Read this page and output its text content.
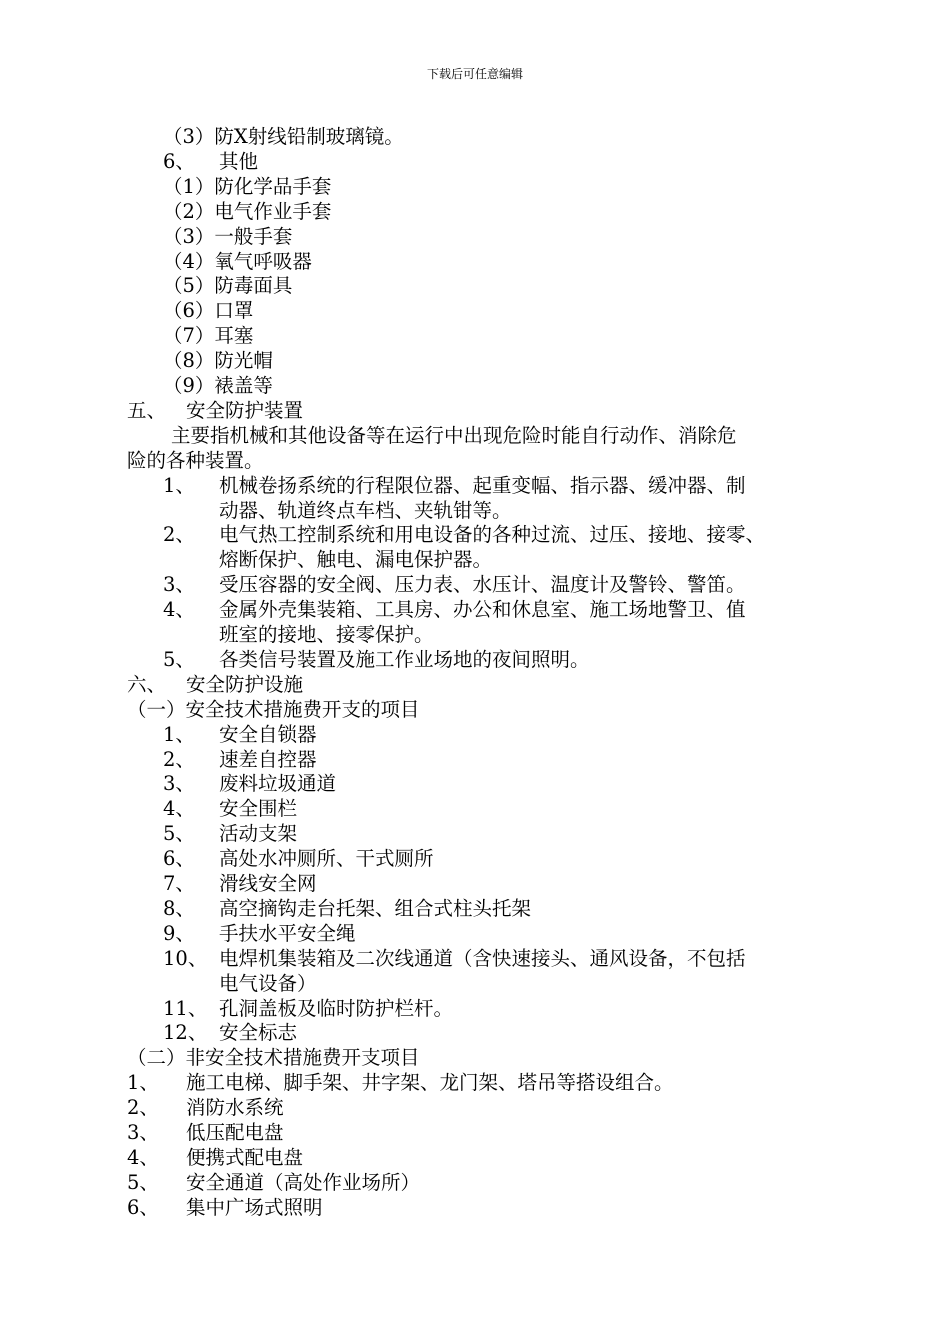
下载后可任意编辑
（3）防X射线铅制玻璃镜。
6、 其他
（1）防化学品手套
（2）电气作业手套
（3）一般手套
（4）氧气呼吸器
（5）防毒面具
（6）口罩
（7）耳塞
（8）防光帽
（9）裱盖等
五、 安全防护装置
主要指机械和其他设备等在运行中出现危险时能自行动作、消除危
险的各种装置。
1、 机械卷扬系统的行程限位器、起重变幅、指示器、缓冲器、制
动器、轨道终点车档、夹轨钳等。
2、 电气热工控制系统和用电设备的各种过流、过压、接地、接零、
熔断保护、触电、漏电保护器。
3、 受压容器的安全阀、压力表、水压计、温度计及警铃、警笛。
4、 金属外壳集装箱、工具房、办公和休息室、施工场地警卫、值
班室的接地、接零保护。
5、 各类信号装置及施工作业场地的夜间照明。
六、 安全防护设施
（一）安全技术措施费开支的项目
1、 安全自锁器
2、 速差自控器
3、 废料垃圾通道
4、 安全围栏
5、 活动支架
6、 高处水冲厕所、干式厕所
7、 滑线安全网
8、 高空摘钩走台托架、组合式柱头托架
9、 手扶水平安全绳
10、 电焊机集装箱及二次线通道（含快速接头、通风设备，不包括
电气设备）
11、 孔洞盖板及临时防护栏杆。
12、 安全标志
（二）非安全技术措施费开支项目
1、 施工电梯、脚手架、井字架、龙门架、塔吊等搭设组合。
2、 消防水系统
3、 低压配电盘
4、 便携式配电盘
5、 安全通道（高处作业场所）
6、 集中广场式照明
